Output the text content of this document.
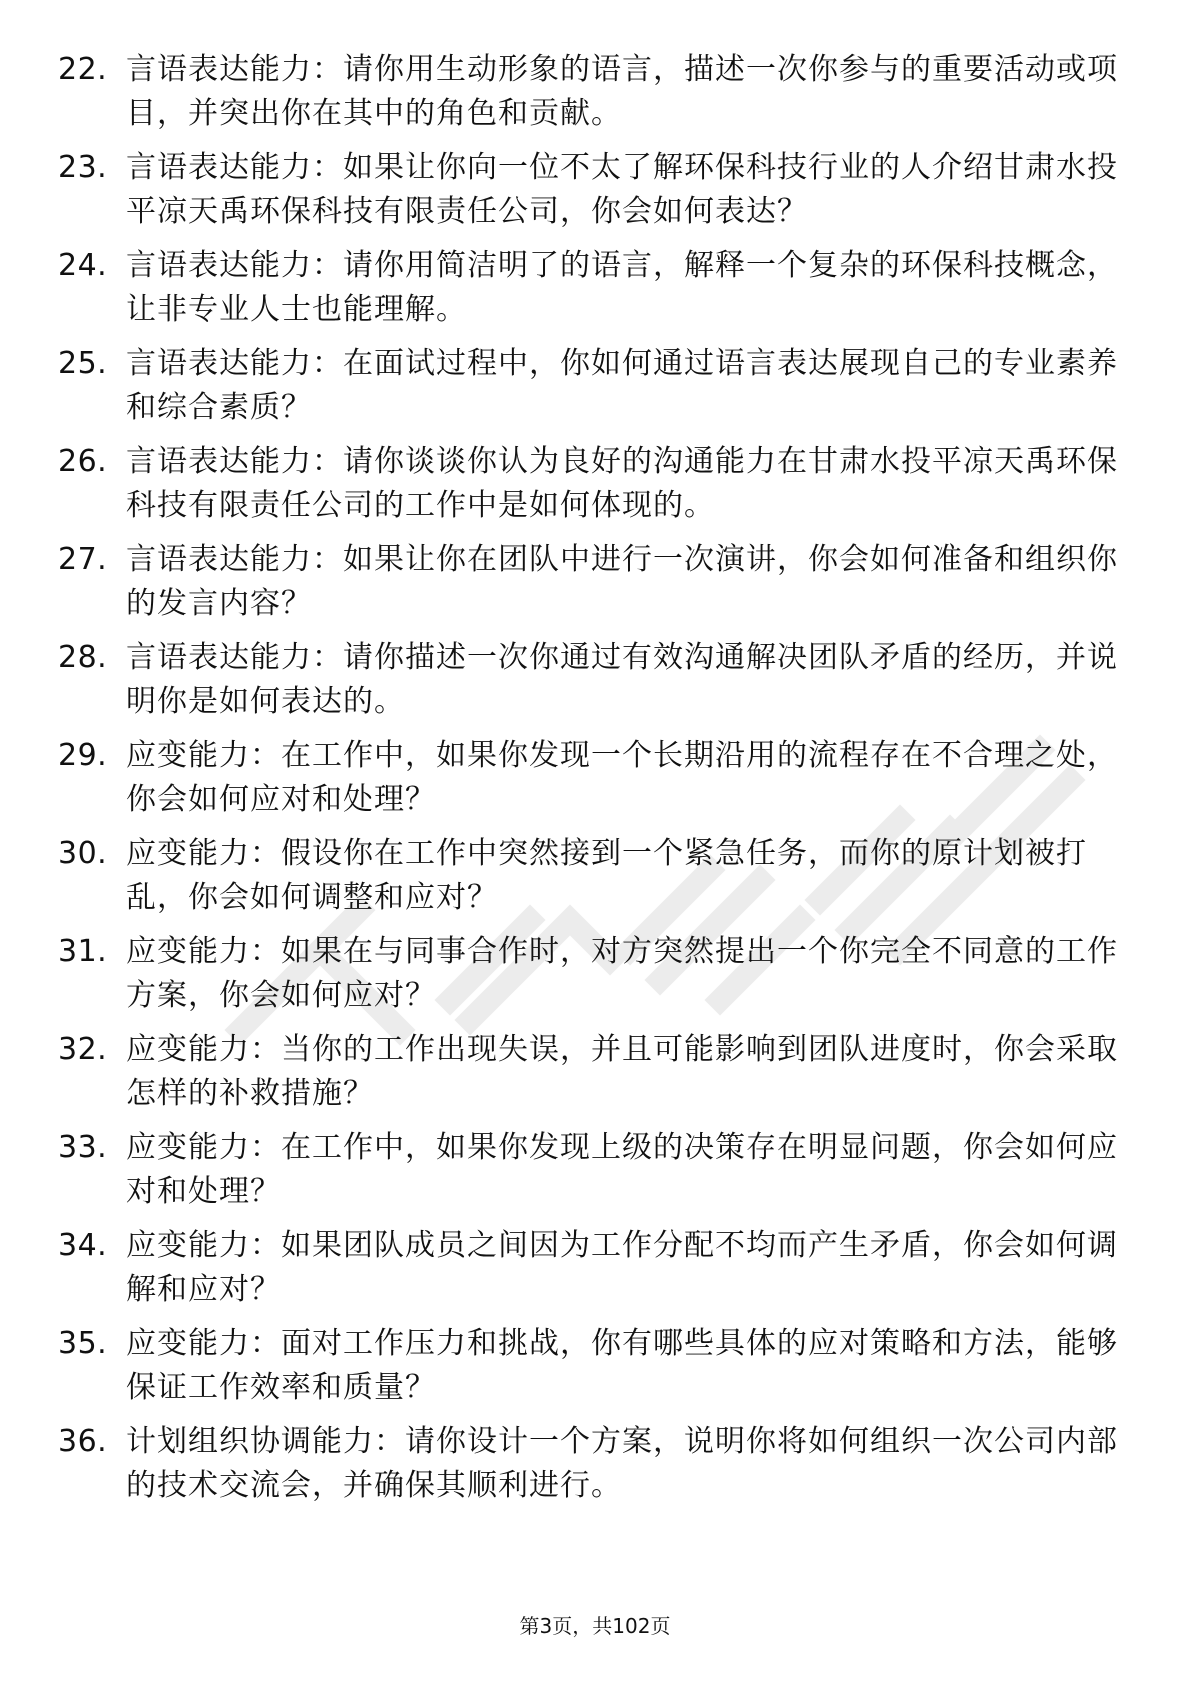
22. 言语表达能力：请你用生动形象的语言，描述一次你参与的重要活动或项目，并突出你在其中的角色和贡献。
23. 言语表达能力：如果让你向一位不太了解环保科技行业的人介绍甘肃水投平凉天禹环保科技有限责任公司，你会如何表达？
24. 言语表达能力：请你用简洁明了的语言，解释一个复杂的环保科技概念，让非专业人士也能理解。
25. 言语表达能力：在面试过程中，你如何通过语言表达展现自己的专业素养和综合素质？
26. 言语表达能力：请你谈谈你认为良好的沟通能力在甘肃水投平凉天禹环保科技有限责任公司的工作中是如何体现的。
27. 言语表达能力：如果让你在团队中进行一次演讲，你会如何准备和组织你的发言内容？
28. 言语表达能力：请你描述一次你通过有效沟通解决团队矛盾的经历，并说明你是如何表达的。
29. 应变能力：在工作中，如果你发现一个长期沿用的流程存在不合理之处，你会如何应对和处理？
30. 应变能力：假设你在工作中突然接到一个紧急任务，而你的原计划被打乱，你会如何调整和应对？
31. 应变能力：如果在与同事合作时，对方突然提出一个你完全不同意的工作方案，你会如何应对？
32. 应变能力：当你的工作出现失误，并且可能影响到团队进度时，你会采取怎样的补救措施？
33. 应变能力：在工作中，如果你发现上级的决策存在明显问题，你会如何应对和处理？
34. 应变能力：如果团队成员之间因为工作分配不均而产生矛盾，你会如何调解和应对？
35. 应变能力：面对工作压力和挑战，你有哪些具体的应对策略和方法，能够保证工作效率和质量？
36. 计划组织协调能力：请你设计一个方案，说明你将如何组织一次公司内部的技术交流会，并确保其顺利进行。
第3页，共102页
